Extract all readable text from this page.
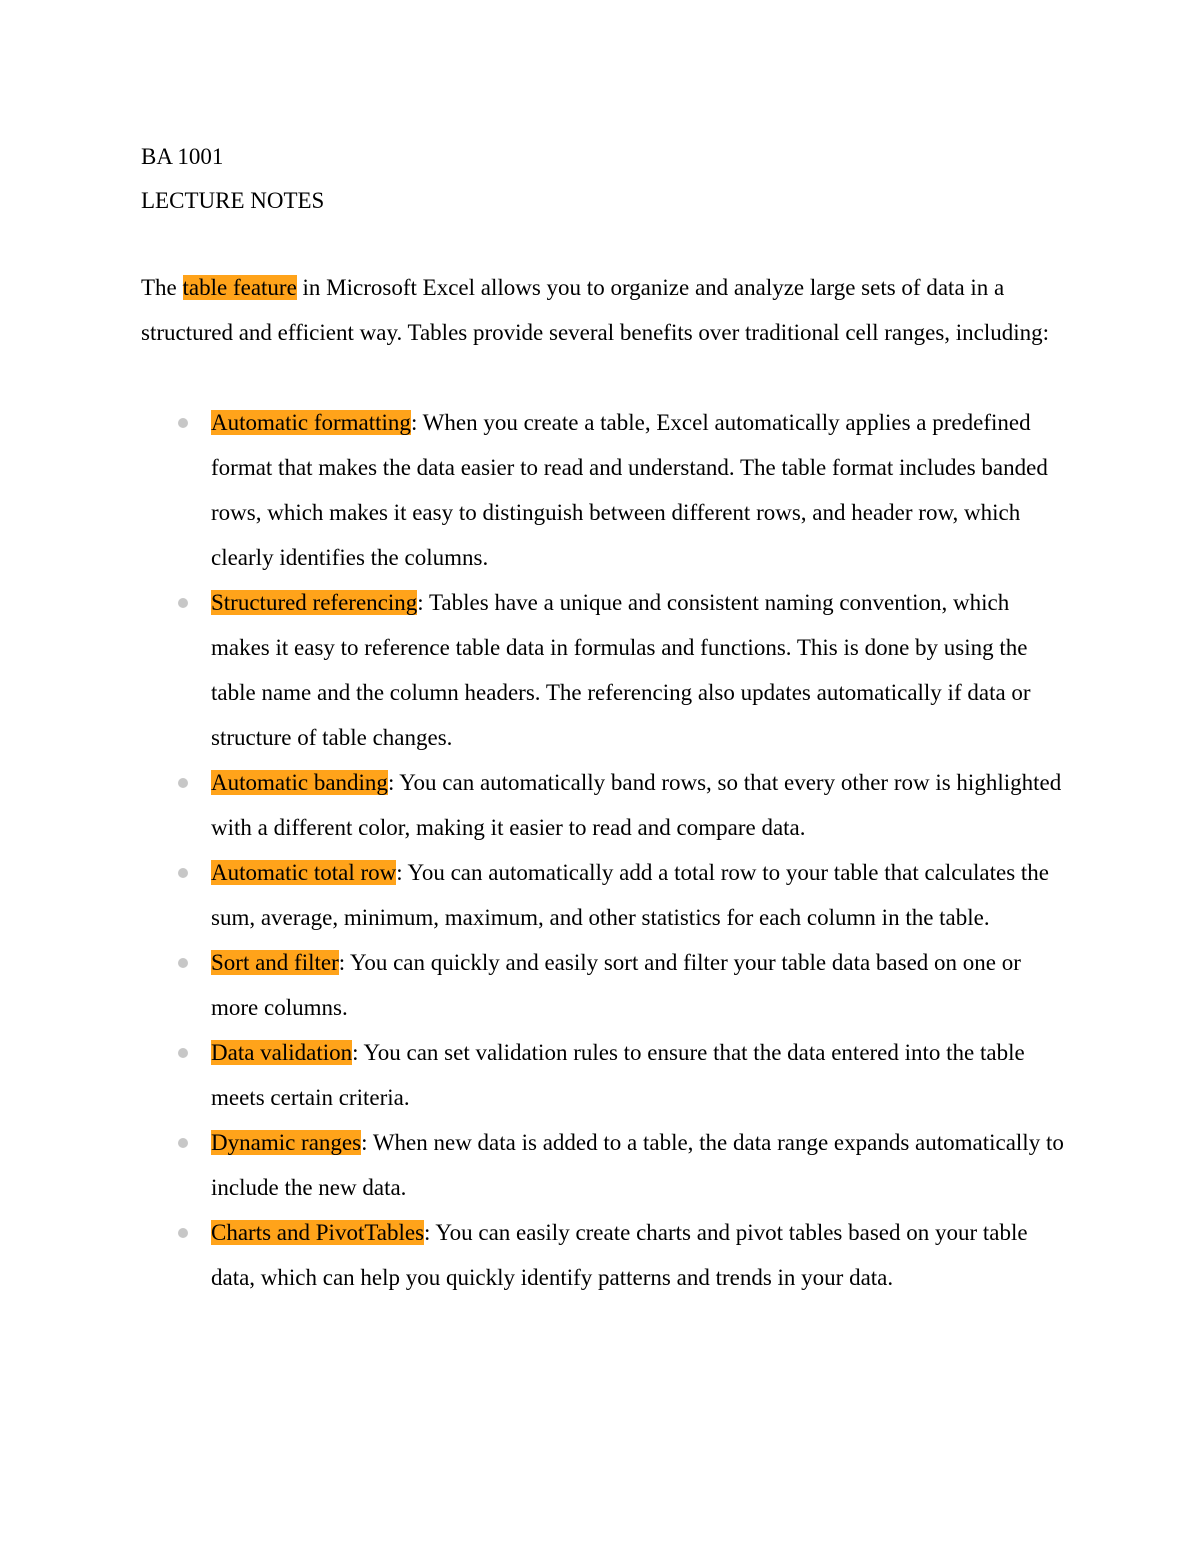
BA 1001
LECTURE NOTES

The table feature in Microsoft Excel allows you to organize and analyze large sets of data in a structured and efficient way. Tables provide several benefits over traditional cell ranges, including:

Automatic formatting: When you create a table, Excel automatically applies a predefined format that makes the data easier to read and understand. The table format includes banded rows, which makes it easy to distinguish between different rows, and header row, which clearly identifies the columns.
Structured referencing: Tables have a unique and consistent naming convention, which makes it easy to reference table data in formulas and functions. This is done by using the table name and the column headers. The referencing also updates automatically if data or structure of table changes.
Automatic banding: You can automatically band rows, so that every other row is highlighted with a different color, making it easier to read and compare data.
Automatic total row: You can automatically add a total row to your table that calculates the sum, average, minimum, maximum, and other statistics for each column in the table.
Sort and filter: You can quickly and easily sort and filter your table data based on one or more columns.
Data validation: You can set validation rules to ensure that the data entered into the table meets certain criteria.
Dynamic ranges: When new data is added to a table, the data range expands automatically to include the new data.
Charts and PivotTables: You can easily create charts and pivot tables based on your table data, which can help you quickly identify patterns and trends in your data.
